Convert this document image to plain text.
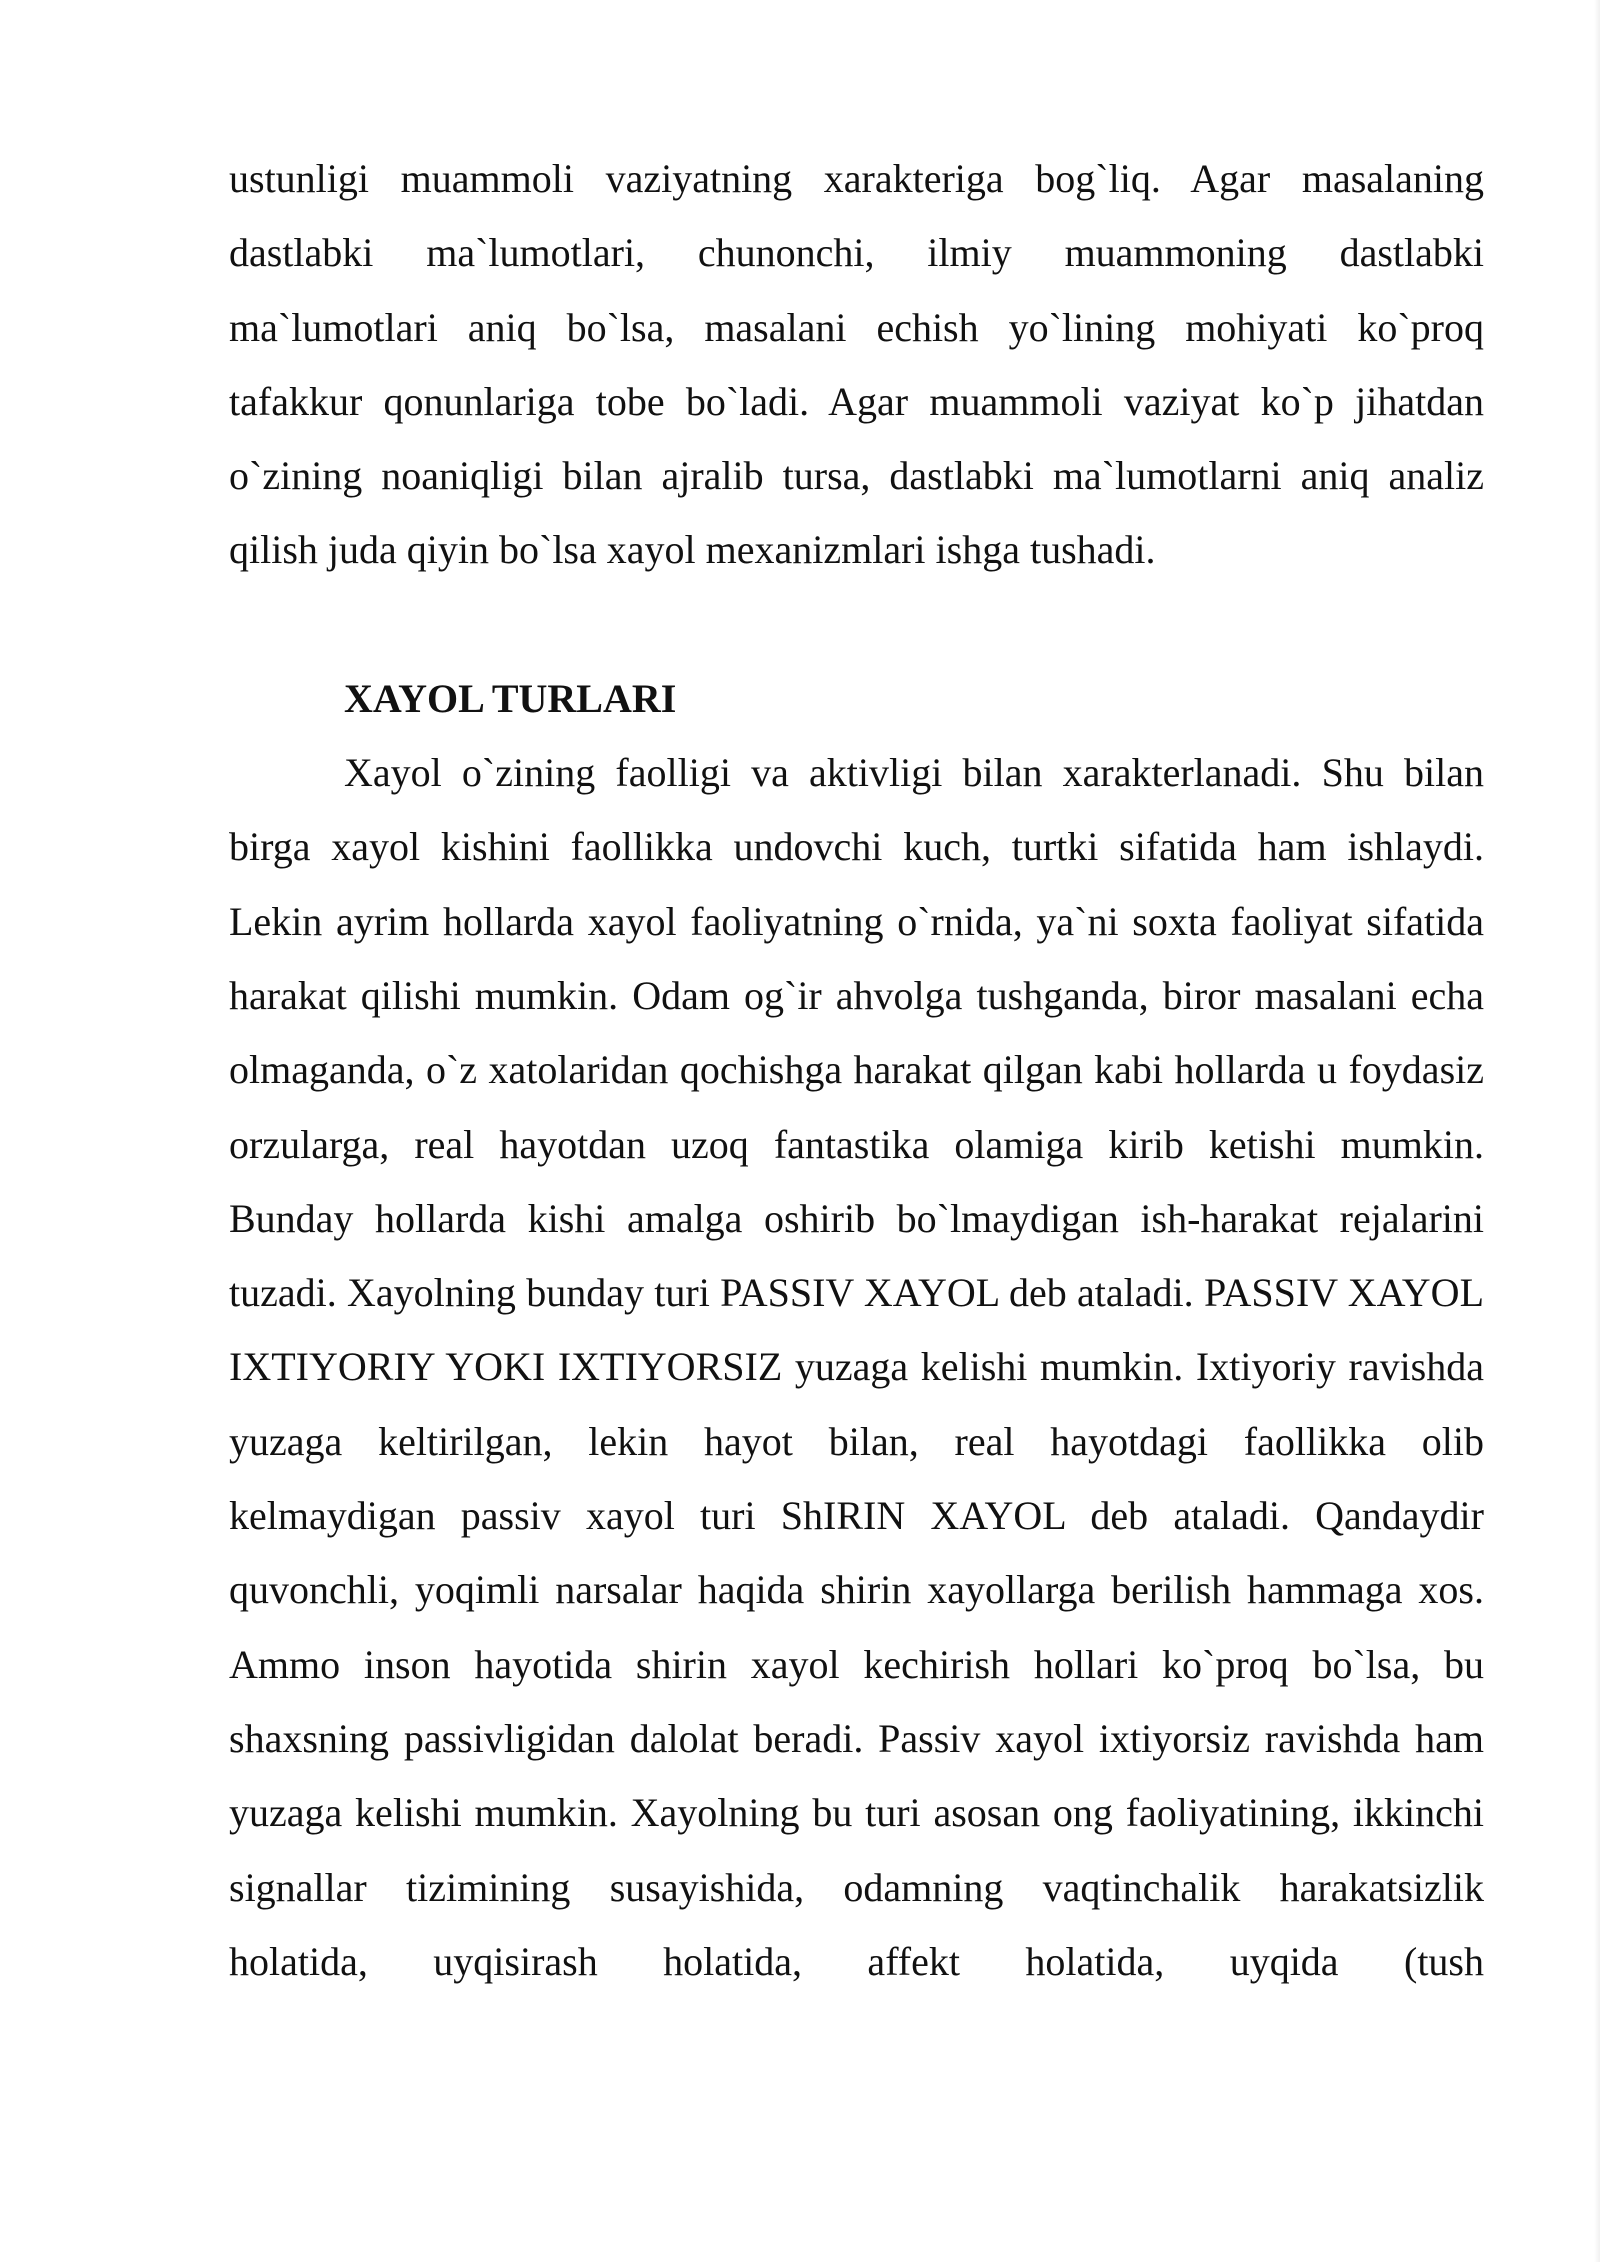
ustunligi muammoli vaziyatning xarakteriga bog`liq. Agar masalaning dastlabki ma`lumotlari, chunonchi, ilmiy muammoning dastlabki ma`lumotlari aniq bo`lsa, masalani echish yo`lining mohiyati ko`proq tafakkur qonunlariga tobe bo`ladi. Agar muammoli vaziyat ko`p jihatdan o`zining noaniqligi bilan ajralib tursa, dastlabki ma`lumotlarni aniq analiz qilish juda qiyin bo`lsa xayol mexanizmlari ishga tushadi.

XAYOL TURLARI

Xayol o`zining faolligi va aktivligi bilan xarakterlanadi. Shu bilan birga xayol kishini faollikka undovchi kuch, turtki sifatida ham ishlaydi. Lekin ayrim hollarda xayol faoliyatning o`rnida, ya`ni soxta faoliyat sifatida harakat qilishi mumkin. Odam og`ir ahvolga tushganda, biror masalani echa olmaganda, o`z xatolaridan qochishga harakat qilgan kabi hollarda u foydasiz orzularga, real hayotdan uzoq fantastika olamiga kirib ketishi mumkin. Bunday hollarda kishi amalga oshirib bo`lmaydigan ish-harakat rejalarini tuzadi. Xayolning bunday turi PASSIV XAYOL deb ataladi. PASSIV XAYOL IXTIYORIY YOKI IXTIYORSIZ yuzaga kelishi mumkin. Ixtiyoriy ravishda yuzaga keltirilgan, lekin hayot bilan, real hayotdagi faollikka olib kelmaydigan passiv xayol turi ShIRIN XAYOL deb ataladi. Qandaydir quvonchli, yoqimli narsalar haqida shirin xayollarga berilish hammaga xos. Ammo inson hayotida shirin xayol kechirish hollari ko`proq bo`lsa, bu shaxsning passivligidan dalolat beradi. Passiv xayol ixtiyorsiz ravishda ham yuzaga kelishi mumkin. Xayolning bu turi asosan ong faoliyatining, ikkinchi signallar tizimining susayishida, odamning vaqtinchalik harakatsizlik holatida, uyqisirash holatida, affekt holatida, uyqida (tush
